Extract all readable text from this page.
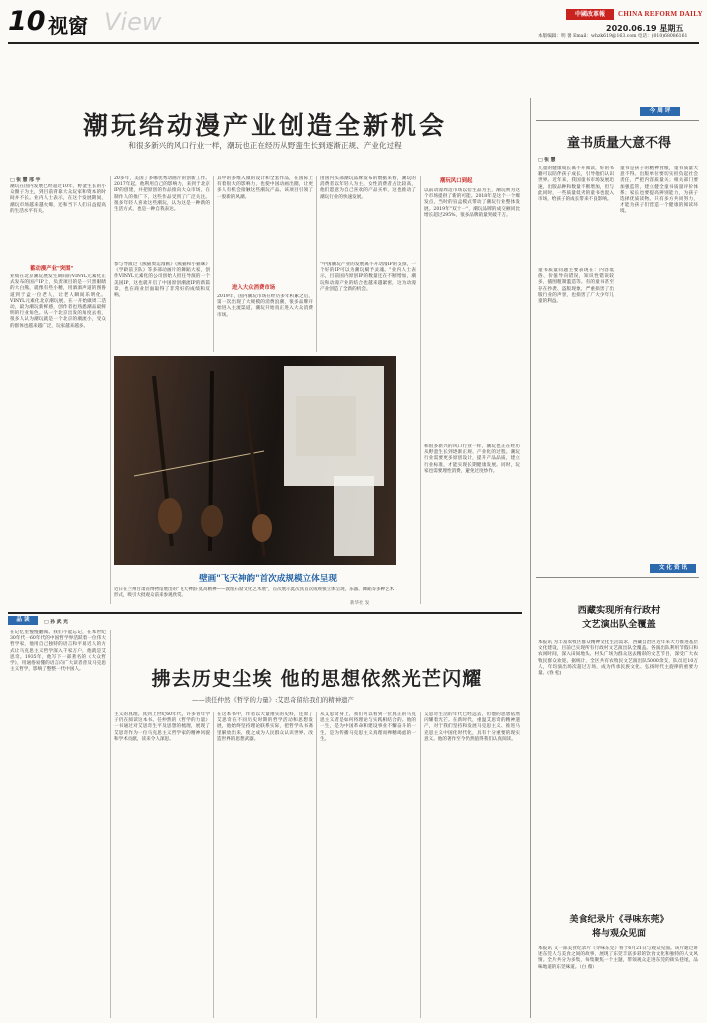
10 视窗 View	中國改革報	CHINA REFORM DAILY
2020.06.19 星期五
本版编辑：明 暑 Email：whzk619@163.com 电话：(010)68086161
潮玩给动漫产业创造全新机会
和很多新兴的风口行业一样，潮玩也正在经历从野蛮生长到逐渐正规、产业化过程
□ 张 慧 邢 宇
潮玩在国内发展已经超过10年，野蛮生长的小众圈子为主，到目前背靠大众玩家和资本的时间并不长。业内人士表示，在这个发展期间，潮玩市场越来越火爆，还和当下人们日益提高的生活水平有关。
蓄动漫产业"突围"
业绩在北京潮玩展发生期间的VINYL元素化正式发布的国产IP上，负责项目的是一只黑眼睛的大白熊，就像有些小精，用酒酒声道的图鲁道到于盒一位老人，让老人瞬间乐明化。VINYL元素化北京潮玩展，在一开始做周二活动，最为潮玩新鲜感，创作者也熟悉潮品最鲜明的行业角色。从一个北京出发的角度去看，很多人认为潮玩就是一个北京的潮流小，受众的群体也越来越广泛，玩家越来越多。
20多年，美国了多哪优秀动画片的创新工作。2017年起，他利用自己的影响力，来到于北京IP的创建，并把原创的作品推向大众市场，在制作人的推广下，这些作品受到了广泛关注。很多年轻人喜欢这些潮玩，认为这是一种新的生活方式，也是一种自我表达。
参与导演过《熊猫奥运漫画》《熊猫和小猫咪》《学龄前卫队》等多部动画片的舞蹈大家，创作VINYL元素化的公司创始人担任导演的一个美国IP，这也就开启了中国原创潮流IP的新篇章，也在商业层面取得了非常好的成绩和反响。
其中的多维入微的设计和全套作品，在国际上有着很大的影响力，也使中国动画出圈，让更多人有机会接触这些潮玩产品。该项目引领了一股新的风潮。
进入大众消费市场
2019年，国内潮玩市场在经历多年积累之后，第一次出现了大规模的消费浪潮，很多品牌开始进入主流渠道，潮玩开始真正进入大众消费市场。
由国内头部潮玩品牌发布的数据来看，潮玩的消费者以年轻人为主，女性消费者占比较高，他们愿意为自己喜欢的产品买单，这也推动了潮玩行业的快速发展。
"中国潮玩产业的发展离不开动漫IP的支撑，一个好的IP可以为潮玩赋予灵魂。"业内人士表示，目前国内原创IP的数量还在不断增加，潮玩和动漫产业的结合也越来越紧密，这为动漫产业创造了全新的机会。
潮玩风口到起
以前动漫周边市场以衍生品为主，潮玩则为这个市场提供了新的可能。2018年是这个一个爆发点，当时的盲盒模式带动了潮玩行业整体发展。2019年"双十一"，潮玩品牌的成交额同比增长超过295%，很多品牌销量突破千万。
和很多新兴的风口行业一样，潮玩也正在经历从野蛮生长到逐渐正规、产业化的过程。潮玩行业需要更多原创设计，提升产品品质，建立行业标准，才能实现长期健康发展。同时，玩家也需要理性消费，避免过度炒作。
壁画"飞天神韵"首次成规模立体呈现
近日在兰州甘肃省博物馆展出的"飞天神韵·莫高精神——敦煌石窟文化艺术展"，首次展示此次真首次成规模立体呈现，乐器、舞蹈等多种艺术形式，吸引大批观众前来参观欣赏。
新华社 发
品 读	□ 孙 武 光
在记忆里慢慢翻阅。我们不能忘记，在本世纪30年代一60年代的中国哲学界活跃着一位伟大哲学家，他用自己独特的语言和平易近人的方式让马克思主义哲学深入千家万户，他就是艾思奇。1935年，他写下一部著名的《大众哲学》，用通俗易懂的语言向广大读者普及马克思主义哲学，影响了整整一代中国人。	拂去历史尘埃 他的思想依然光芒闪耀
——读任仲然《哲学的力量》:艾思奇留给我们的精神遗产
主义的真理。真到上世纪60年代，许多青年学子仍在阅读这本书。任仲然的《哲学的力量》一书通过对艾思奇生平及思想的梳理，展现了艾思奇作为一位马克思主义哲学家的精神风貌和学术贡献，读来令人深思。
在这本书中，作者以大量翔实的史料，还原了艾思奇在不同历史时期的哲学活动和思想发展，他始终坚持理论联系实际，把哲学从书斋里解放出来，使之成为人民群众认识世界、改造世界的思想武器。
从艾思奇身上，我们可以看到一位真正的马克思主义者是如何将理论与实践相结合的。他的一生，是为中国革命和建设事业不懈奋斗的一生，是为传播马克思主义真理而殚精竭虑的一生。
艾思奇生活的年代已经远去，但他的思想依然闪耀着光芒。在新时代，重温艾思奇的精神遗产，对于我们坚持和发展马克思主义、推进马克思主义中国化时代化，具有十分重要的现实意义。他的著作至今仍然值得我们认真阅读。
今 周 评
童书质量大意不得
□ 张 慧
儿童的健康成长离不开阅读，好的书籍可以陪伴孩子成长，引导他们认识世界。近年来，我国童书市场发展迅速，出版品种和数量不断增加，但与此同时，一些质量低劣的童书也混入市场，给孩子的成长带来不良影响。
童书质量问题主要表现在：内容低俗、价值导向错误，知识性错误较多，插图粗制滥造等。有的童书甚至存在抄袭、盗版现象，严重损害了出版行业的声誉，也损害了广大少年儿童的利益。
童书是孩子的精神食粮，童书质量大意不得。出版单位要切实担负起社会责任，严把内容质量关；相关部门要加强监管，建立健全童书质量评价体系；家长也要提高辨别能力，为孩子选择优质读物。只有多方共同努力，才能为孩子们营造一个健康的阅读环境。
文 化 资 讯
西藏实现所有行政村
文艺演出队全覆盖
本报讯 为丰富农牧区群众精神文化生活需求，西藏自治区近年来大力推进基层文化建设，目前已实现所有行政村文艺演出队全覆盖。各演出队利用节假日和农闲时间，深入田间地头、村头广场为群众送去精彩的文艺节目，深受广大农牧民群众欢迎。据统计，全区共有农牧民文艺演出队5000余支，队员近10万人，年均演出场次超过万场，成为传承民族文化、弘扬时代主旋律的重要力量。(春 松)
美食纪录片《寻味东莞》
将与观众见面
本报讯 又一部美食纪录片《寻味东莞》将于6月21日与观众见面。该片通过讲述东莞人与美食之间的故事，展现了东莞丰富多彩的饮食文化和独特的人文风情。全片共分为多集，每集聚焦一个主题，带领观众走进东莞的街头巷尾，品味地道的东莞味道。（白 薇）
